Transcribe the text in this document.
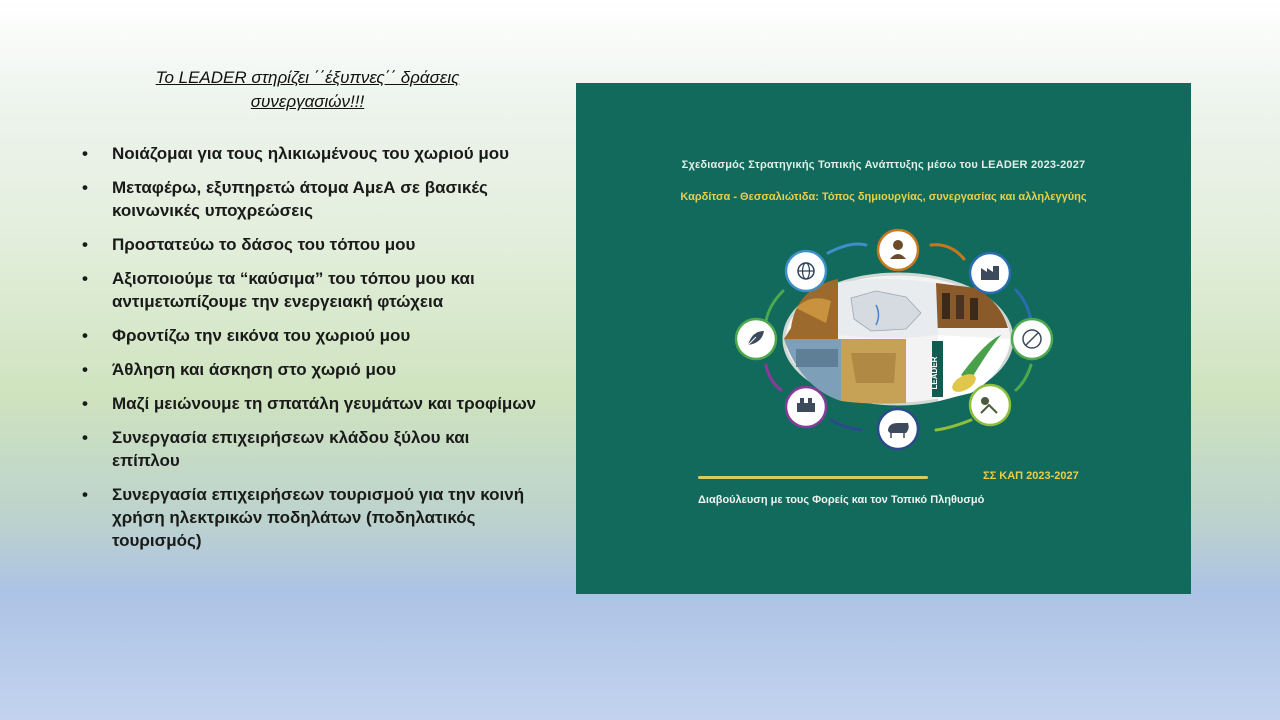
Το LEADER στηρίζει ΄΄έξυπνες΄΄ δράσεις
συνεργασιών!!!
• Νοιάζομαι για τους ηλικιωμένους του χωριού μου
• Μεταφέρω, εξυπηρετώ άτομα ΑμεΑ σε βασικές κοινωνικές υποχρεώσεις
• Προστατεύω το δάσος του τόπου μου
• Αξιοποιούμε τα “καύσιμα” του τόπου μου και αντιμετωπίζουμε την ενεργειακή φτώχεια
• Φροντίζω την εικόνα του χωριού μου
• Άθληση και άσκηση στο χωριό μου
• Μαζί μειώνουμε τη σπατάλη γευμάτων και τροφίμων
• Συνεργασία επιχειρήσεων κλάδου ξύλου και επίπλου
• Συνεργασία επιχειρήσεων τουρισμού για την κοινή χρήση ηλεκτρικών ποδηλάτων (ποδηλατικός τουρισμός)
Σχεδιασμός Στρατηγικής Τοπικής Ανάπτυξης μέσω του LEADER 2023-2027
Καρδίτσα - Θεσσαλιώτιδα: Τόπος δημιουργίας, συνεργασίας και αλληλεγγύης
LEADER
ΣΣ ΚΑΠ 2023-2027
Διαβούλευση με τους Φορείς και τον Τοπικό Πληθυσμό
